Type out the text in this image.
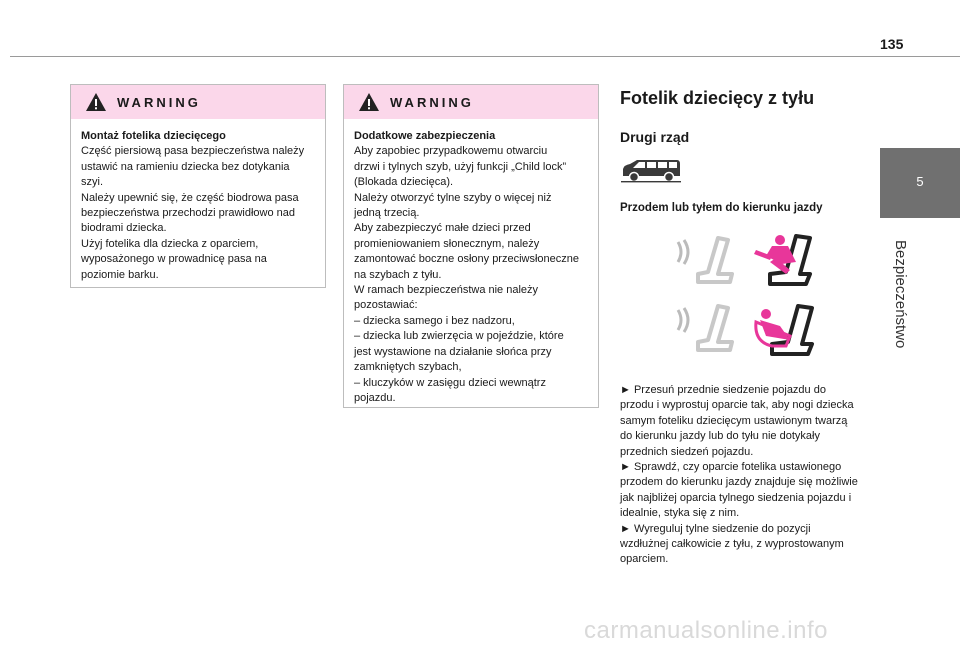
135
5
Bezpieczeństwo
WARNING

Montaż fotelika dziecięcego

Część piersiową pasa bezpieczeństwa należy

ustawić na ramieniu dziecka bez dotykania

szyi.

Należy upewnić się, że część biodrowa pasa

bezpieczeństwa przechodzi prawidłowo nad

biodrami dziecka.

Użyj fotelika dla dziecka z oparciem,

wyposażonego w prowadnicę pasa na

poziomie barku.

WARNING

Dodatkowe zabezpieczenia

Aby zapobiec przypadkowemu otwarciu

drzwi i tylnych szyb, użyj funkcji „Child lock”

(Blokada dziecięca).

Należy otworzyć tylne szyby o więcej niż

jedną trzecią.

Aby zabezpieczyć małe dzieci przed

promieniowaniem słonecznym, należy

zamontować boczne osłony przeciwsłoneczne

na szybach z tyłu.

W ramach bezpieczeństwa nie należy

pozostawiać:

– dziecka samego i bez nadzoru,

– dziecka lub zwierzęcia w pojeździe, które

jest wystawione na działanie słońca przy

zamkniętych szybach,

– kluczyków w zasięgu dzieci wewnątrz

pojazdu.

Fotelik dziecięcy z tyłu
Drugi rząd
Przodem lub tyłem do kierunku jazdy

► Przesuń przednie siedzenie pojazdu do

przodu i wyprostuj oparcie tak, aby nogi dziecka

samym foteliku dziecięcym ustawionym twarzą

do kierunku jazdy lub do tyłu nie dotykały

przednich siedzeń pojazdu.

► Sprawdź, czy oparcie fotelika ustawionego

przodem do kierunku jazdy znajduje się możliwie

jak najbliżej oparcia tylnego siedzenia pojazdu i

idealnie, styka się z nim.

► Wyreguluj tylne siedzenie do pozycji

wzdłużnej całkowicie z tyłu, z wyprostowanym

oparciem.

carmanualsonline.info
